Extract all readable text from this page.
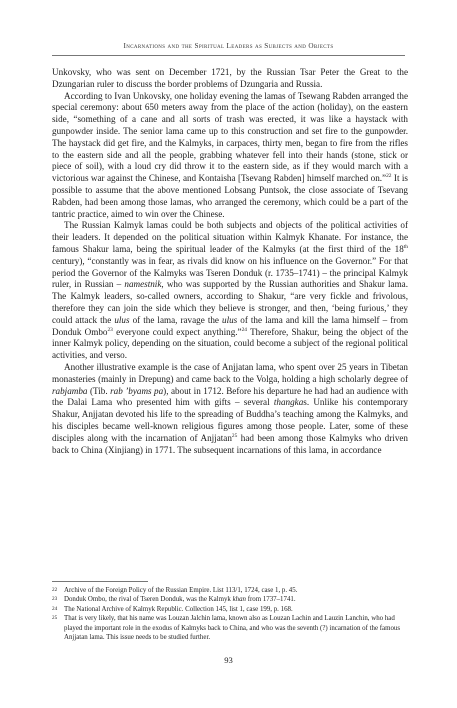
Incarnations and the Spiritual Leaders as Subjects and Objects

Unkovsky, who was sent on December 1721, by the Russian Tsar Peter the Great to the Dzungarian ruler to discuss the border problems of Dzungaria and Russia.

According to Ivan Unkovsky, one holiday evening the lamas of Tsewang Rabden arranged the special ceremony: about 650 meters away from the place of the action (holiday), on the eastern side, “something of a cane and all sorts of trash was erected, it was like a haystack with gunpowder inside. The senior lama came up to this construction and set fire to the gunpowder. The haystack did get fire, and the Kalmyks, in carpaces, thirty men, began to fire from the rifles to the eastern side and all the people, grabbing whatever fell into their hands (stone, stick or piece of soil), with a loud cry did throw it to the eastern side, as if they would march with a victorious war against the Chinese, and Kontaisha [Tsevang Rabden] himself marched on.”$^{22}$ It is possible to assume that the above mentioned Lobsang Puntsok, the close associate of Tsevang Rabden, had been among those lamas, who arranged the ceremony, which could be a part of the tantric practice, aimed to win over the Chinese.

The Russian Kalmyk lamas could be both subjects and objects of the political activities of their leaders. It depended on the political situation within Kalmyk Khanate. For instance, the famous Shakur lama, being the spiritual leader of the Kalmyks (at the first third of the 18th century), “constantly was in fear, as rivals did know on his influence on the Governor.” For that period the Governor of the Kalmyks was Tseren Donduk (r. 1735–1741) – the principal Kalmyk ruler, in Russian – namestnik, who was supported by the Russian authorities and Shakur lama. The Kalmyk leaders, so-called owners, according to Shakur, “are very fickle and frivolous, therefore they can join the side which they believe is stronger, and then, ‘being furious,’ they could attack the ulus of the lama, ravage the ulus of the lama and kill the lama himself – from Donduk Ombo$^{23}$ everyone could expect anything.”$^{24}$ Therefore, Shakur, being the object of the inner Kalmyk policy, depending on the situation, could become a subject of the regional political activities, and verso.

Another illustrative example is the case of Anjjatan lama, who spent over 25 years in Tibetan monasteries (mainly in Drepung) and came back to the Volga, holding a high scholarly degree of rabjamba (Tib. rab ’byams pa), about in 1712. Before his departure he had had an audience with the Dalai Lama who presented him with gifts – several thangkas. Unlike his contemporary Shakur, Anjjatan devoted his life to the spreading of Buddha’s teaching among the Kalmyks, and his disciples became well-known religious figures among those people. Later, some of these disciples along with the incarnation of Anjjatan$^{25}$ had been among those Kalmyks who driven back to China (Xinjiang) in 1771. The subsequent incarnations of this lama, in accordance

22 Archive of the Foreign Policy of the Russian Empire. List 113/1, 1724, case 1, p. 45.

23 Donduk Ombo, the rival of Tseren Donduk, was the Kalmyk khan from 1737–1741.

24 The National Archive of Kalmyk Republic. Collection 145, list 1, case 199, p. 168.

25 That is very likely, that his name was Louzan Jalchin lama, known also as Louzan Lachin and Lauzin Lanchin, who had played the important role in the exodus of Kalmyks back to China, and who was the seventh (?) incarnation of the famous Anjjatan lama. This issue needs to be studied further.

93
